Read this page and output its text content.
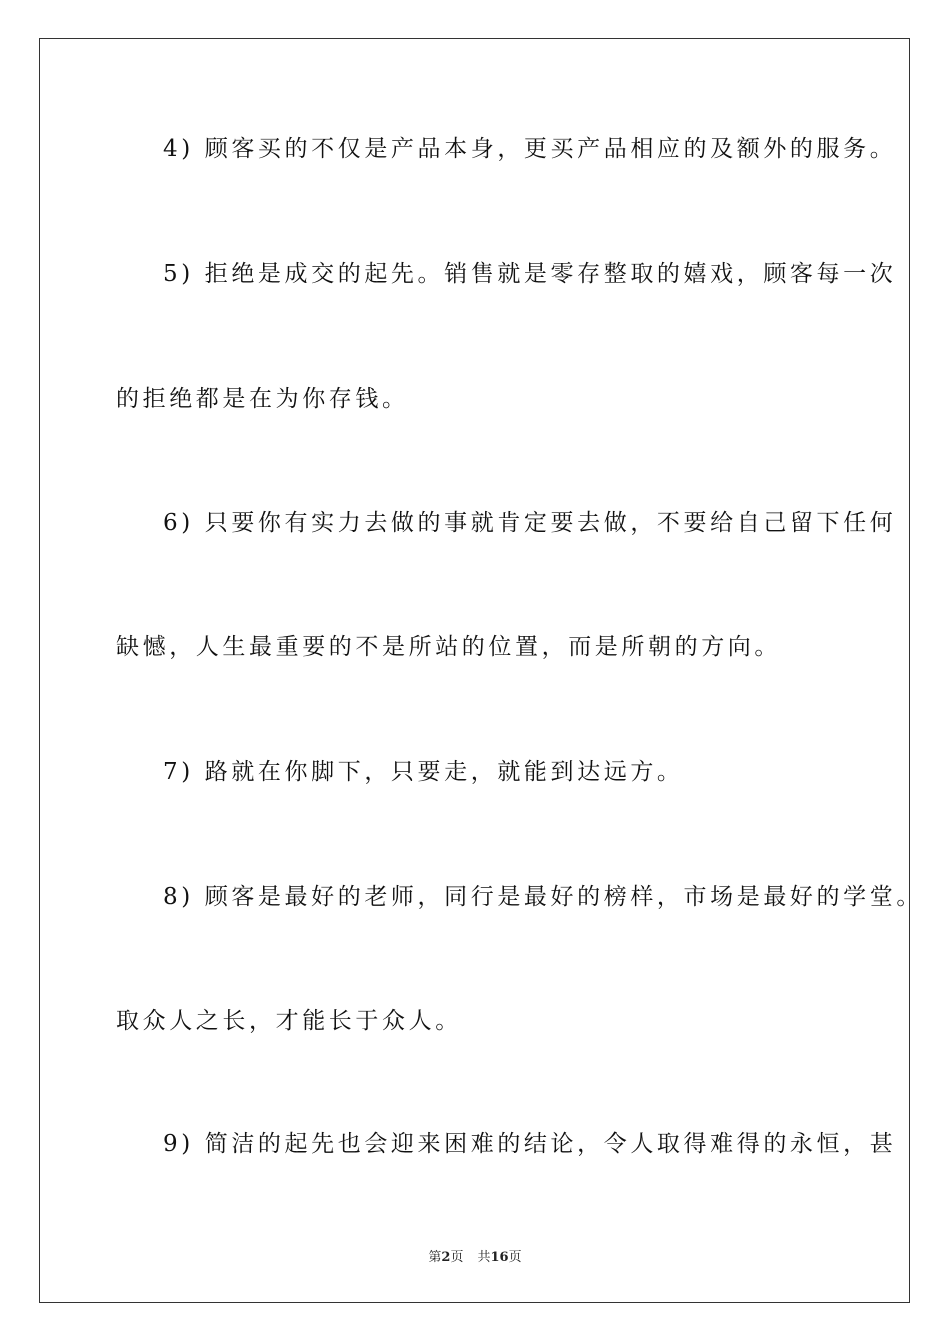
4) 顾客买的不仅是产品本身，更买产品相应的及额外的服务。
5) 拒绝是成交的起先。销售就是零存整取的嬉戏，顾客每一次
的拒绝都是在为你存钱。
6) 只要你有实力去做的事就肯定要去做，不要给自己留下任何
缺憾，人生最重要的不是所站的位置，而是所朝的方向。
7) 路就在你脚下，只要走，就能到达远方。
8) 顾客是最好的老师，同行是最好的榜样，市场是最好的学堂。
取众人之长，才能长于众人。
9) 简洁的起先也会迎来困难的结论，令人取得难得的永恒，甚
第2页 共16页
